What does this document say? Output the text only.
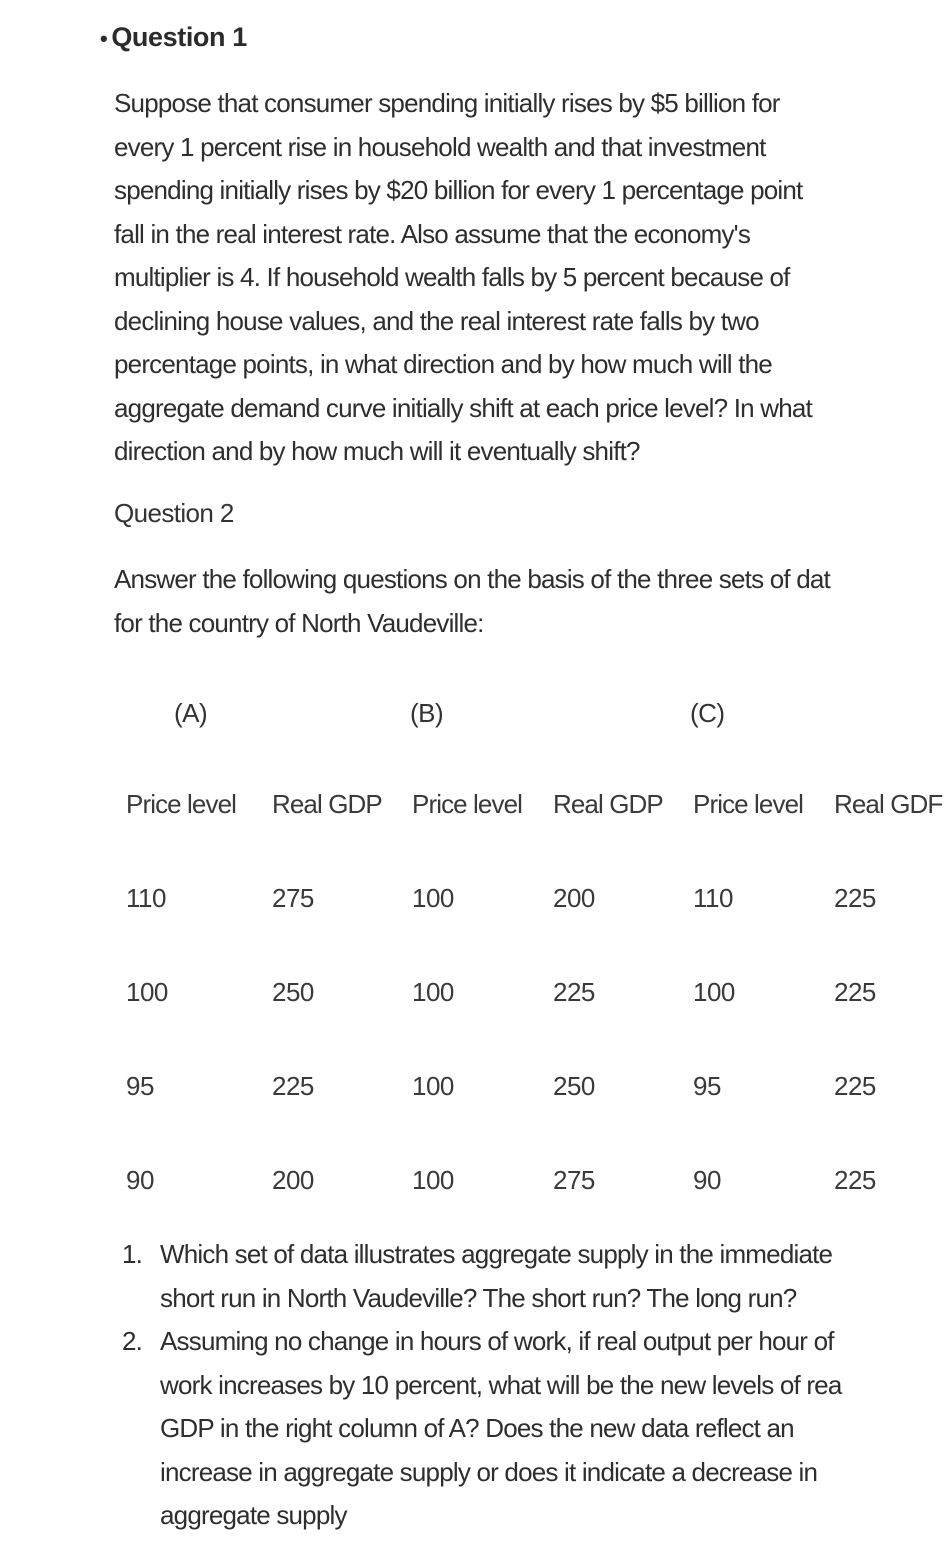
• Question 1
Suppose that consumer spending initially rises by $5 billion for
every 1 percent rise in household wealth and that investment
spending initially rises by $20 billion for every 1 percentage point
fall in the real interest rate. Also assume that the economy's
multiplier is 4. If household wealth falls by 5 percent because of
declining house values, and the real interest rate falls by two
percentage points, in what direction and by how much will the
aggregate demand curve initially shift at each price level? In what
direction and by how much will it eventually shift?
Question 2
Answer the following questions on the basis of the three sets of dat
for the country of North Vaudeville:
(A)	(B)	(C)
Price level Real GDP Price level Real GDP Price level Real GDF
110	275	100	200	110	225
100	250	100	225	100	225
95	225	100	250	95	225
90	200	100	275	90	225
1. Which set of data illustrates aggregate supply in the immediate
short run in North Vaudeville? The short run? The long run?
2. Assuming no change in hours of work, if real output per hour of
work increases by 10 percent, what will be the new levels of rea
GDP in the right column of A? Does the new data reflect an
increase in aggregate supply or does it indicate a decrease in
aggregate supply
